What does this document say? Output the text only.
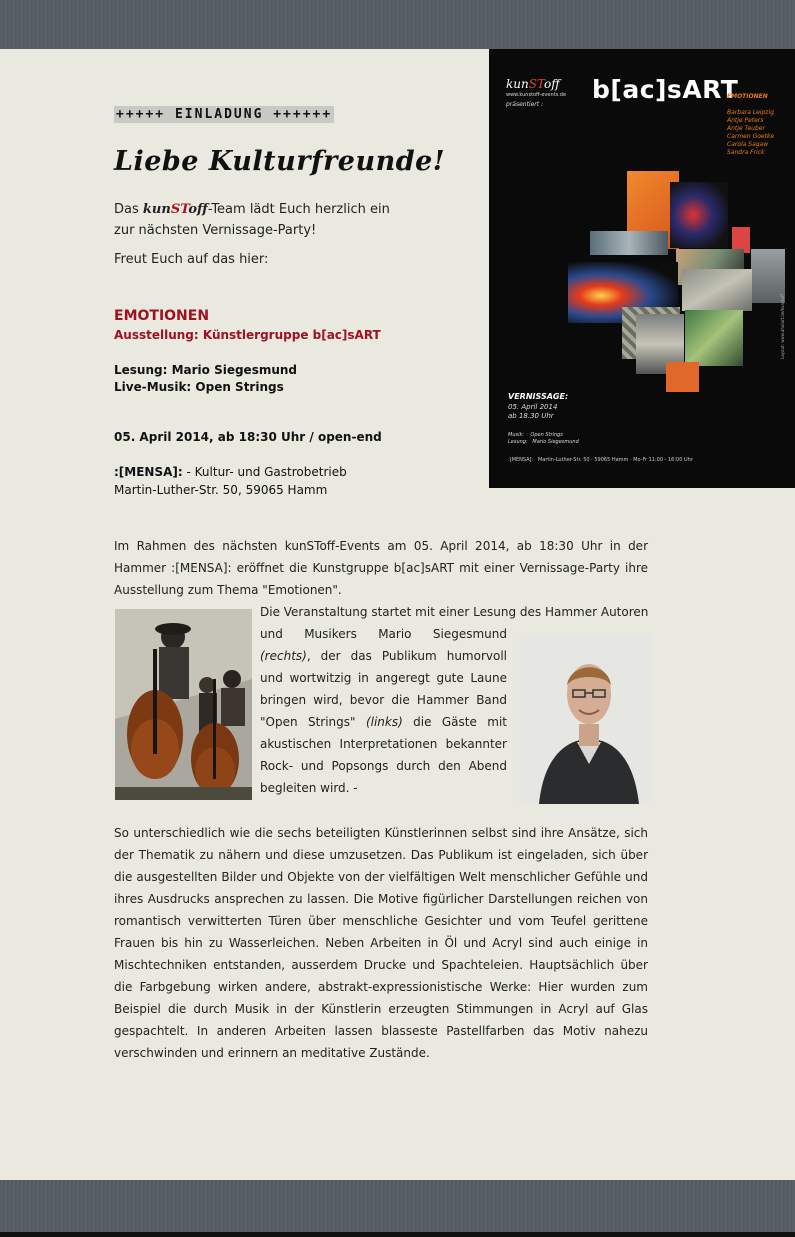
+++++ EINLADUNG ++++++
Liebe Kulturfreunde!
Das kunSToff-Team lädt Euch herzlich ein
zur nächsten Vernissage-Party!
Freut Euch auf das hier:
EMOTIONEN
Ausstellung: Künstlergruppe b[ac]sART
Lesung: Mario Siegesmund
Live-Musik: Open Strings
05. April 2014, ab 18:30 Uhr / open-end
:[MENSA]: - Kultur- und Gastrobetrieb
Martin-Luther-Str. 50, 59065 Hamm
kunSToff
www.kunstoff-events.de
präsentiert :
b[ac]sART
EMOTIONEN
Barbara Leipzig
Antje Peters
Antje Teuber
Carmen Goetke
Carola Sagaw
Sandra Frick
VERNISSAGE:
05. April 2014
ab 18.30 Uhr
Musik:    Open Strings
Lesung:   Mario Siegesmund
:[MENSA]:   Martin-Luther-Str. 50 · 59065 Hamm · Mo-Fr 11:00 - 16:00 Uhr
Layout: www.ahoiart.de/kunstoff
Im Rahmen des nächsten kunSToff-Events am 05. April 2014, ab 18:30 Uhr in der Hammer :[MENSA]: eröffnet die Kunstgruppe b[ac]sART mit einer Vernissage-Party ihre Ausstellung zum Thema "Emotionen".
Die Veranstaltung startet mit einer Lesung des Hammer Autoren
und Musikers Mario Siegesmund
(rechts), der das Publikum humorvoll
und wortwitzig in angeregt gute Laune
bringen wird, bevor die Hammer Band
"Open Strings" (links) die Gäste mit
akustischen Interpretationen bekannter
Rock- und Popsongs durch den Abend
begleiten wird. -
So unterschiedlich wie die sechs beteiligten Künstlerinnen selbst sind ihre Ansätze, sich der Thematik zu nähern und diese umzusetzen. Das Publikum ist eingeladen, sich über die ausgestellten Bilder und Objekte von der vielfältigen Welt menschlicher Gefühle und ihres Ausdrucks ansprechen zu lassen. Die Motive figürlicher Darstellungen reichen von romantisch verwitterten Türen über menschliche Gesichter und vom Teufel gerittene Frauen bis hin zu Wasserleichen. Neben Arbeiten in Öl und Acryl sind auch einige in Mischtechniken entstanden, ausserdem Drucke und Spachteleien. Hauptsächlich über die Farbgebung wirken andere, abstrakt-expressionistische Werke: Hier wurden zum Beispiel die durch Musik in der Künstlerin erzeugten Stimmungen in Acryl auf Glas gespachtelt. In anderen Arbeiten lassen blasseste Pastellfarben das Motiv nahezu verschwinden und erinnern an meditative Zustände.
